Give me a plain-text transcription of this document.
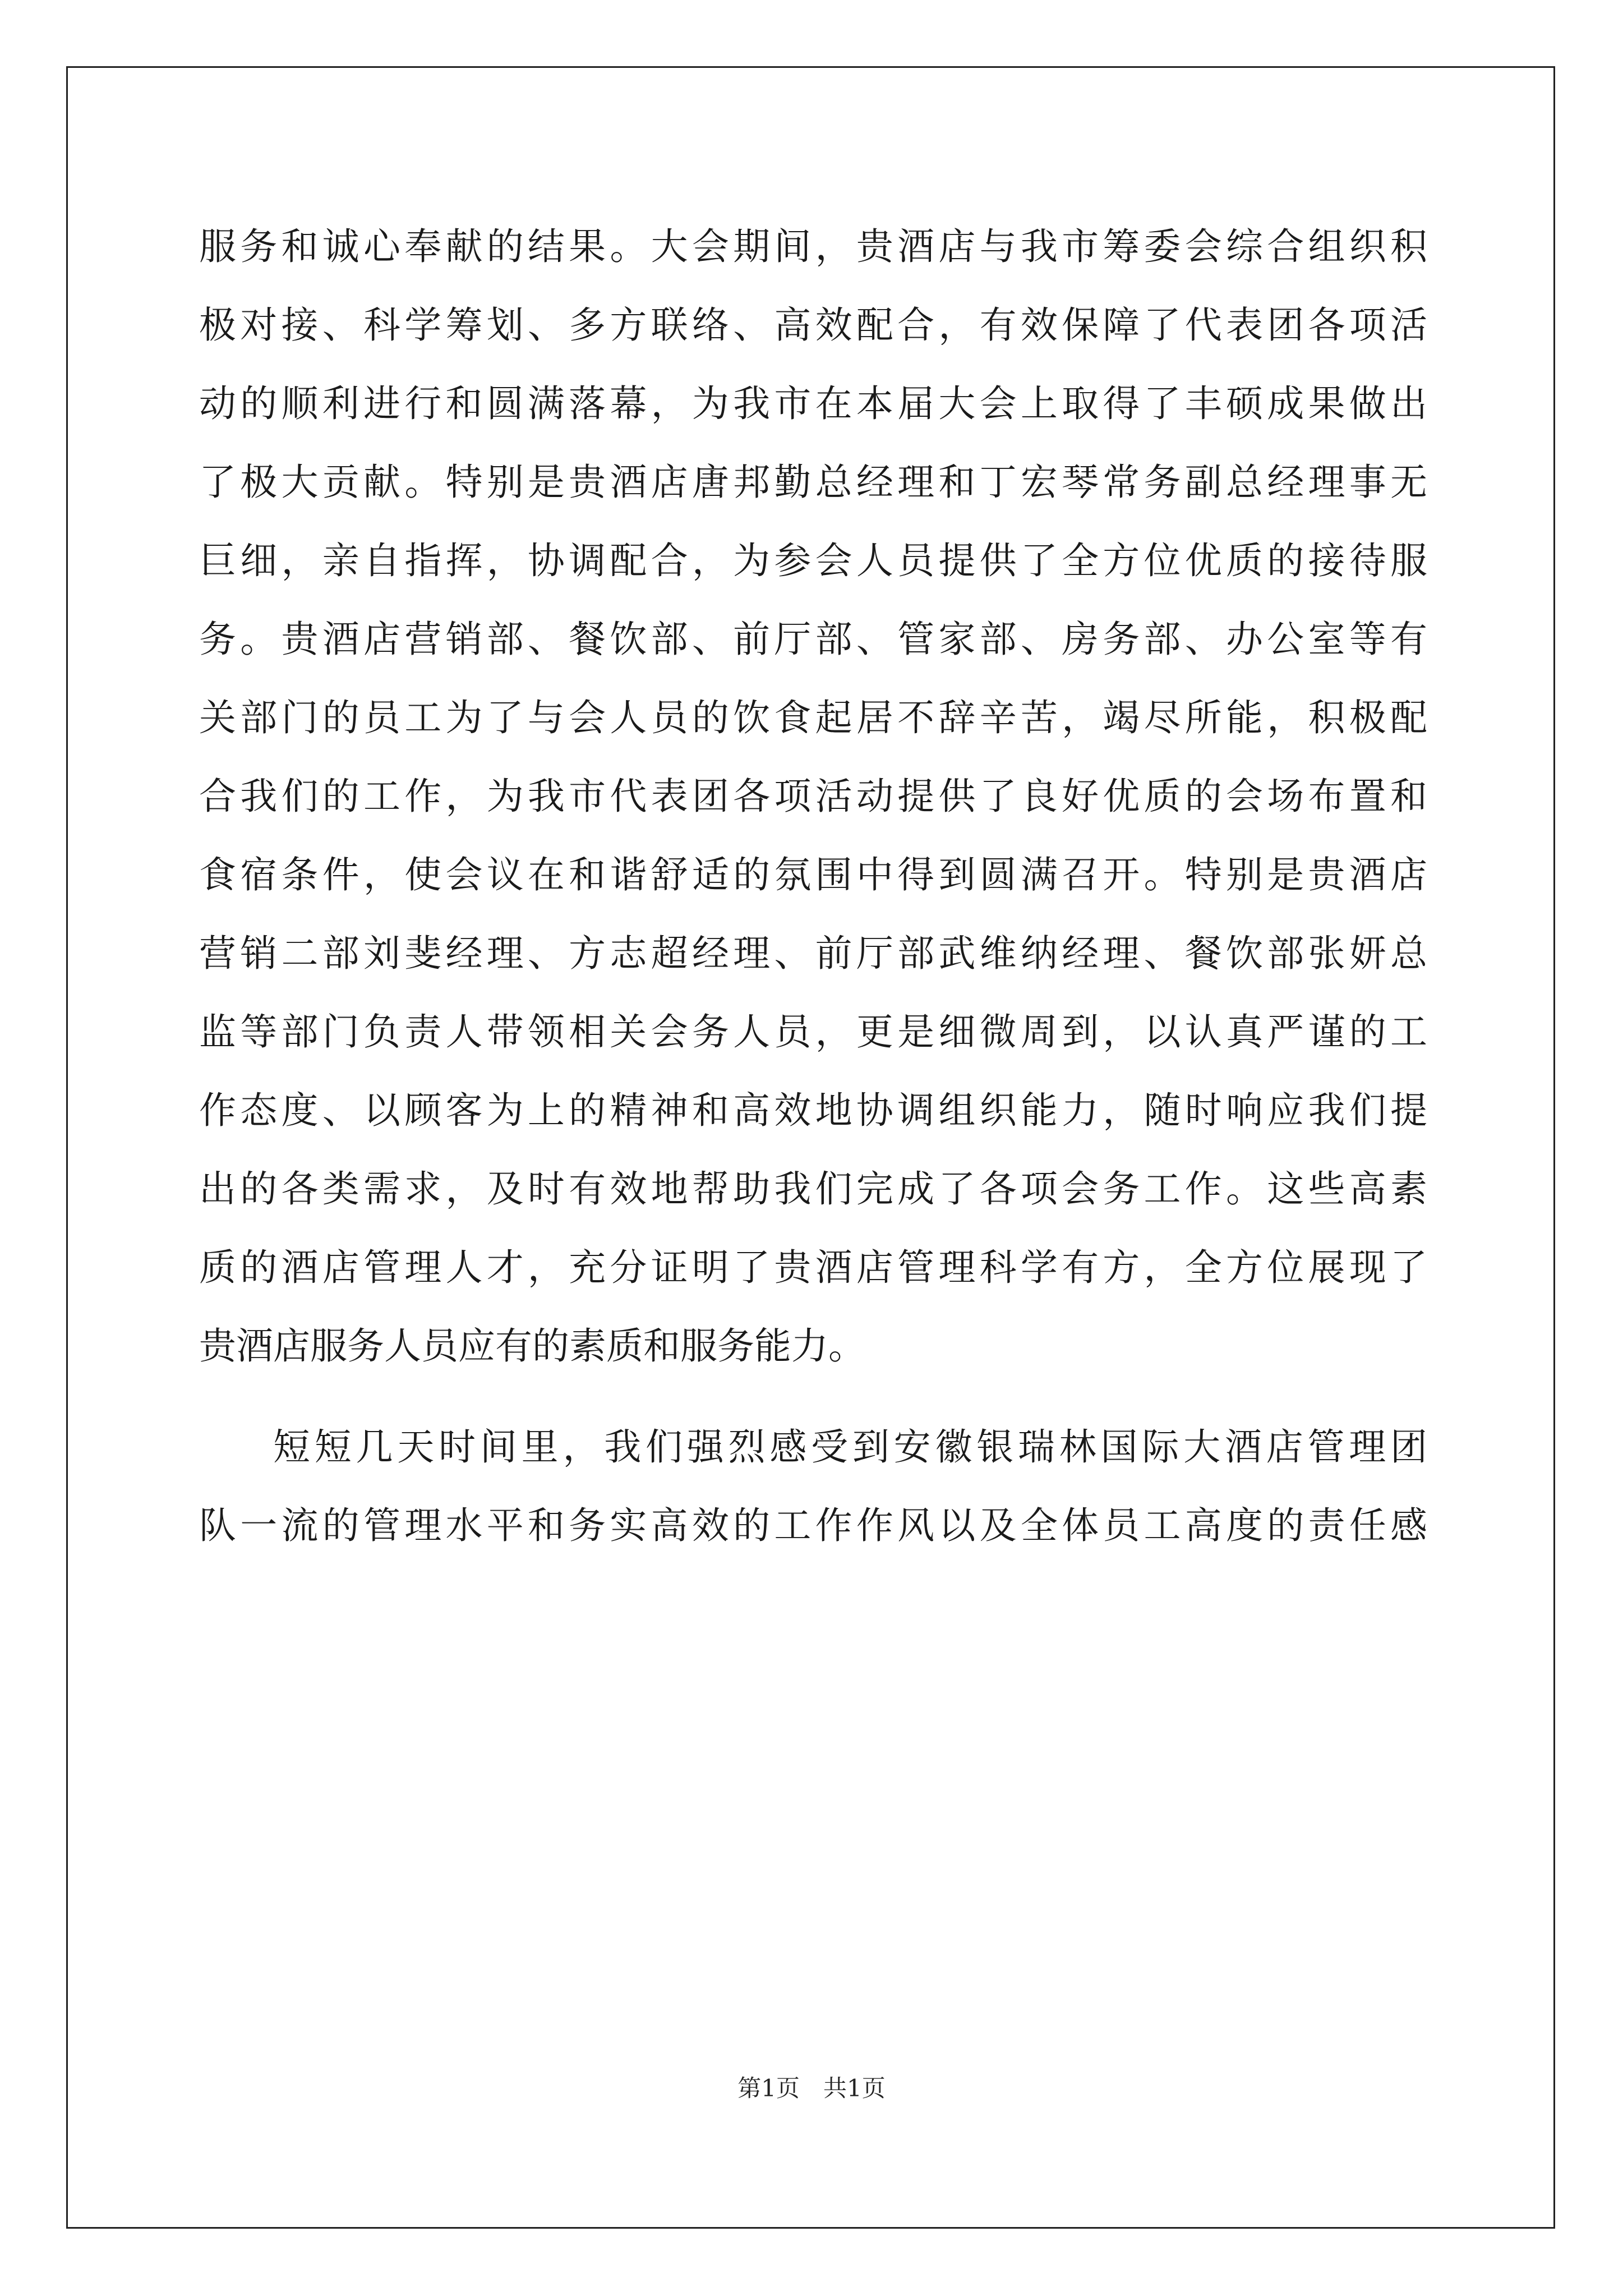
服务和诚心奉献的结果。大会期间，贵酒店与我市筹委会综合组织积
极对接、科学筹划、多方联络、高效配合，有效保障了代表团各项活
动的顺利进行和圆满落幕，为我市在本届大会上取得了丰硕成果做出
了极大贡献。特别是贵酒店唐邦勤总经理和丁宏琴常务副总经理事无
巨细，亲自指挥，协调配合，为参会人员提供了全方位优质的接待服
务。贵酒店营销部、餐饮部、前厅部、管家部、房务部、办公室等有
关部门的员工为了与会人员的饮食起居不辞辛苦，竭尽所能，积极配
合我们的工作，为我市代表团各项活动提供了良好优质的会场布置和
食宿条件，使会议在和谐舒适的氛围中得到圆满召开。特别是贵酒店
营销二部刘斐经理、方志超经理、前厅部武维纳经理、餐饮部张妍总
监等部门负责人带领相关会务人员，更是细微周到，以认真严谨的工
作态度、以顾客为上的精神和高效地协调组织能力，随时响应我们提
出的各类需求，及时有效地帮助我们完成了各项会务工作。这些高素
质的酒店管理人才，充分证明了贵酒店管理科学有方，全方位展现了
贵酒店服务人员应有的素质和服务能力。
短短几天时间里，我们强烈感受到安徽银瑞林国际大酒店管理团
队一流的管理水平和务实高效的工作作风以及全体员工高度的责任感
第1页　共1页
